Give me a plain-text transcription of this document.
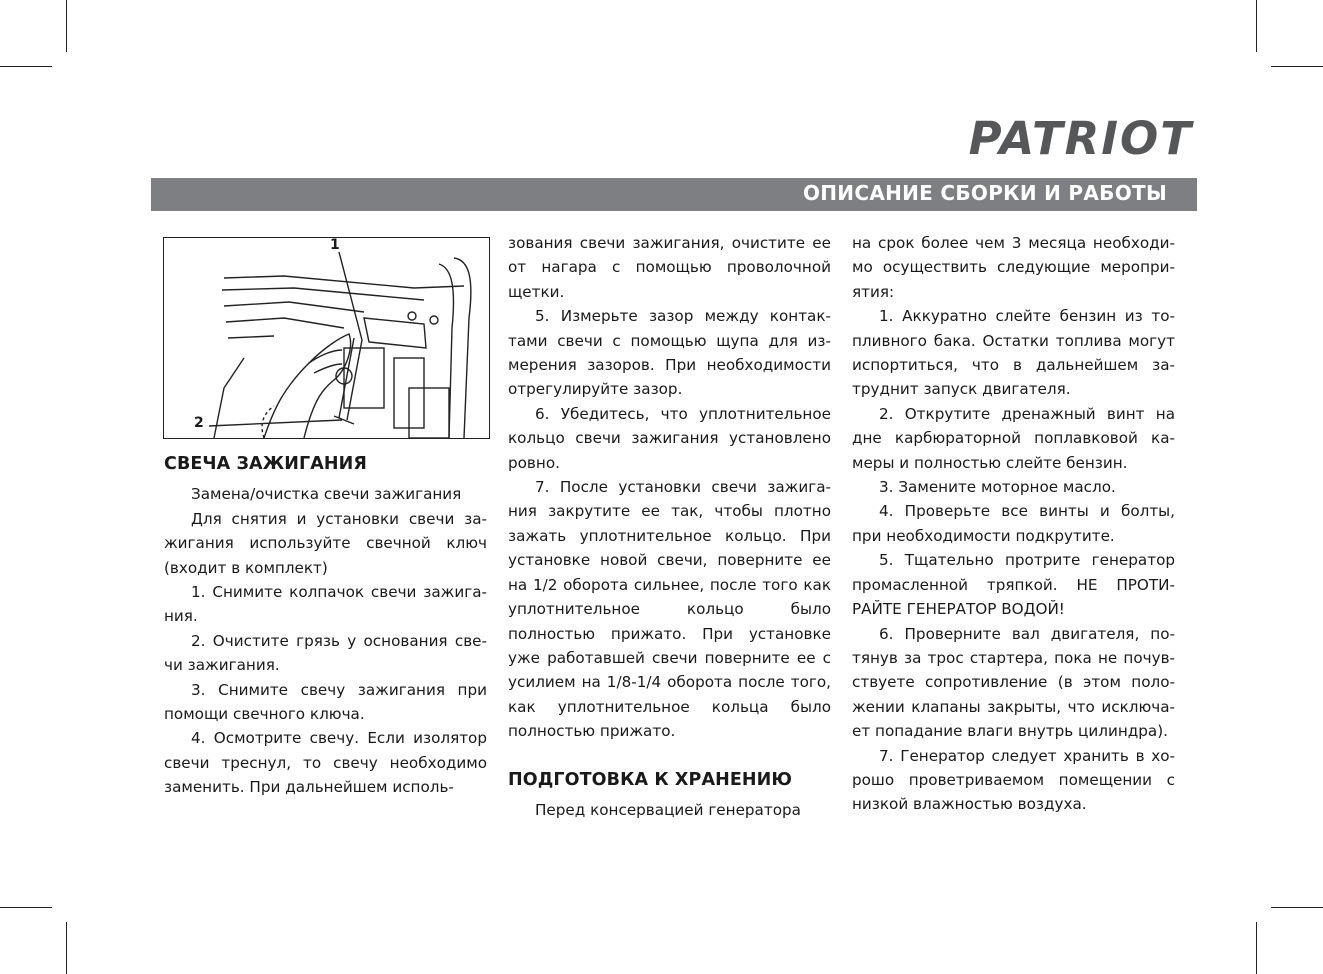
PATRIOT
ОПИСАНИЕ СБОРКИ И РАБОТЫ
1
2
СВЕЧА ЗАЖИГАНИЯ

Замена/очистка свечи зажигания

Для снятия и установки свечи за-жигания используйте свечной ключ (входит в комплект)

1. Снимите колпачок свечи зажига-ния.

2. Очистите грязь у основания све-чи зажигания.

3. Снимите свечу зажигания при помощи свечного ключа.

4. Осмотрите свечу. Если изолятор свечи треснул, то свечу необходимо заменить. При дальнейшем исполь-

зования свечи зажигания, очистите ее от нагара с помощью проволочной щетки.

5. Измерьте зазор между контак-тами свечи с помощью щупа для из-мерения зазоров. При необходимости отрегулируйте зазор.

6. Убедитесь, что уплотнительное кольцо свечи зажигания установлено ровно.

7. После установки свечи зажига-ния закрутите ее так, чтобы плотно зажать уплотнительное кольцо. При установке новой свечи, поверните ее на 1/2 оборота сильнее, после того как уплотнительное кольцо было полностью прижато. При установке уже работавшей свечи поверните ее с усилием на 1/8-1/4 оборота после того, как уплотнительное кольца было полностью прижато.

ПОДГОТОВКА К ХРАНЕНИЮ

Перед консервацией генератора

на срок более чем 3 месяца необходи-мо осуществить следующие меропри-ятия:

1. Аккуратно слейте бензин из то-пливного бака. Остатки топлива могут испортиться, что в дальнейшем за-труднит запуск двигателя.

2. Открутите дренажный винт на дне карбюраторной поплавковой ка-меры и полностью слейте бензин.

3. Замените моторное масло.

4. Проверьте все винты и болты, при необходимости подкрутите.

5. Тщательно протрите генератор промасленной тряпкой. НЕ ПРОТИ-РАЙТЕ ГЕНЕРАТОР ВОДОЙ!

6. Проверните вал двигателя, по-тянув за трос стартера, пока не почув-ствуете сопротивление (в этом поло-жении клапаны закрыты, что исключа-ет попадание влаги внутрь цилиндра).

7. Генератор следует хранить в хо-рошо проветриваемом помещении с низкой влажностью воздуха.
